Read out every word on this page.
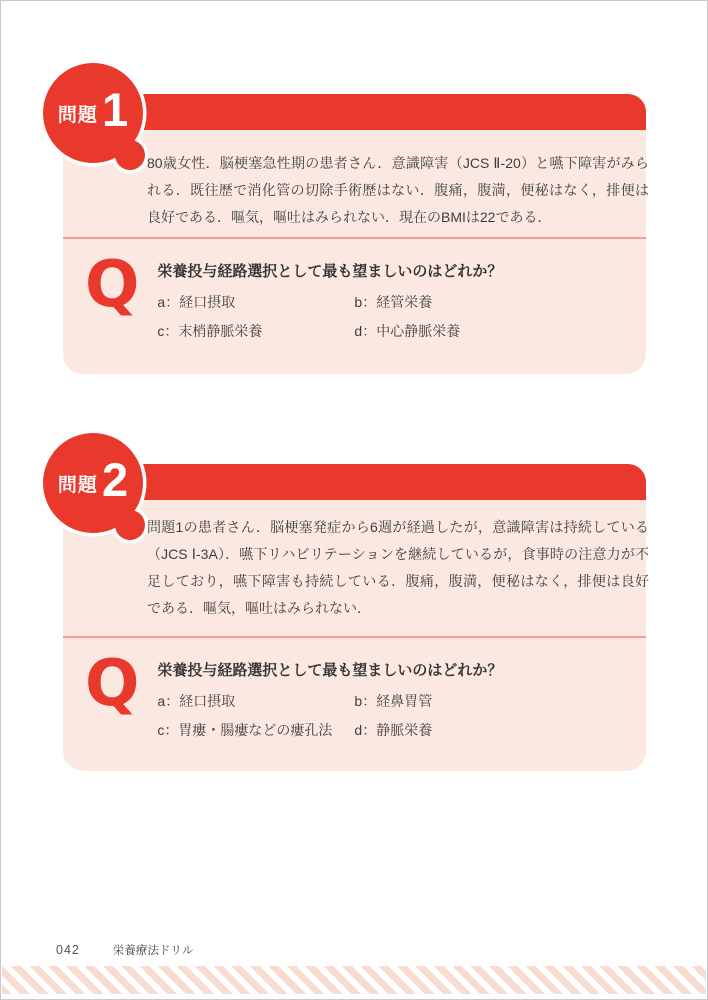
80歳女性．脳梗塞急性期の患者さん．意識障害（JCS Ⅱ-20）と嚥下障害がみられる．既往歴で消化管の切除手術歴はない．腹痛，腹満，便秘はなく，排便は良好である．嘔気，嘔吐はみられない．現在のBMIは22である．
Q 栄養投与経路選択として最も望ましいのはどれか？

a：経口摂取	b：経管栄養
c：末梢静脈栄養	d：中心静脈栄養
問題 1
問題1の患者さん．脳梗塞発症から6週が経過したが，意識障害は持続している（JCS Ⅰ-3A）．嚥下リハビリテーションを継続しているが，食事時の注意力が不足しており，嚥下障害も持続している．腹痛，腹満，便秘はなく，排便は良好である．嘔気，嘔吐はみられない．
Q 栄養投与経路選択として最も望ましいのはどれか？

a：経口摂取	b：経鼻胃管
c：胃瘻・腸瘻などの瘻孔法	d：静脈栄養
問題 2
042	栄養療法ドリル
